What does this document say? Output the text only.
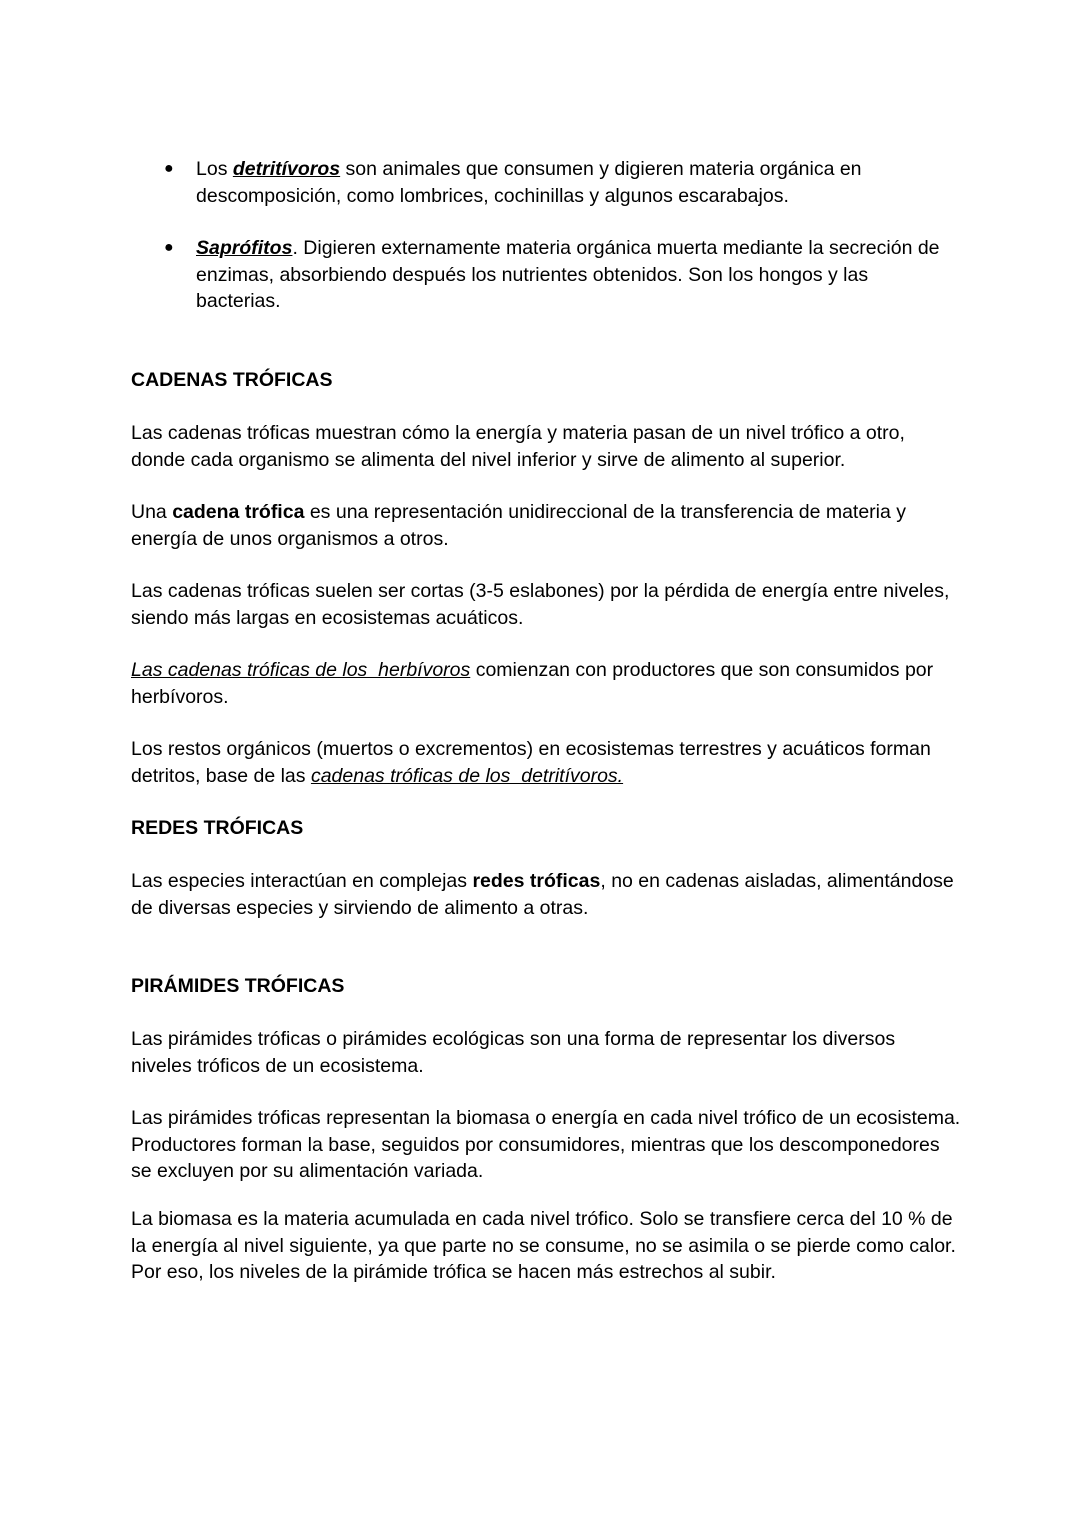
● Los detritívoros son animales que consumen y digieren materia orgánica en descomposición, como lombrices, cochinillas y algunos escarabajos.

● Saprófitos. Digieren externamente materia orgánica muerta mediante la secreción de enzimas, absorbiendo después los nutrientes obtenidos. Son los hongos y las bacterias.

CADENAS TRÓFICAS

Las cadenas tróficas muestran cómo la energía y materia pasan de un nivel trófico a otro, donde cada organismo se alimenta del nivel inferior y sirve de alimento al superior.

Una cadena trófica es una representación unidireccional de la transferencia de materia y energía de unos organismos a otros.

Las cadenas tróficas suelen ser cortas (3-5 eslabones) por la pérdida de energía entre niveles, siendo más largas en ecosistemas acuáticos.

Las cadenas tróficas de los  herbívoros comienzan con productores que son consumidos por herbívoros.

Los restos orgánicos (muertos o excrementos) en ecosistemas terrestres y acuáticos forman detritos, base de las cadenas tróficas de los  detritívoros.

REDES TRÓFICAS

Las especies interactúan en complejas redes tróficas, no en cadenas aisladas, alimentándose de diversas especies y sirviendo de alimento a otras.

PIRÁMIDES TRÓFICAS

Las pirámides tróficas o pirámides ecológicas son una forma de representar los diversos niveles tróficos de un ecosistema.

Las pirámides tróficas representan la biomasa o energía en cada nivel trófico de un ecosistema. Productores forman la base, seguidos por consumidores, mientras que los descomponedores se excluyen por su alimentación variada.

La biomasa es la materia acumulada en cada nivel trófico. Solo se transfiere cerca del 10 % de la energía al nivel siguiente, ya que parte no se consume, no se asimila o se pierde como calor. Por eso, los niveles de la pirámide trófica se hacen más estrechos al subir.
